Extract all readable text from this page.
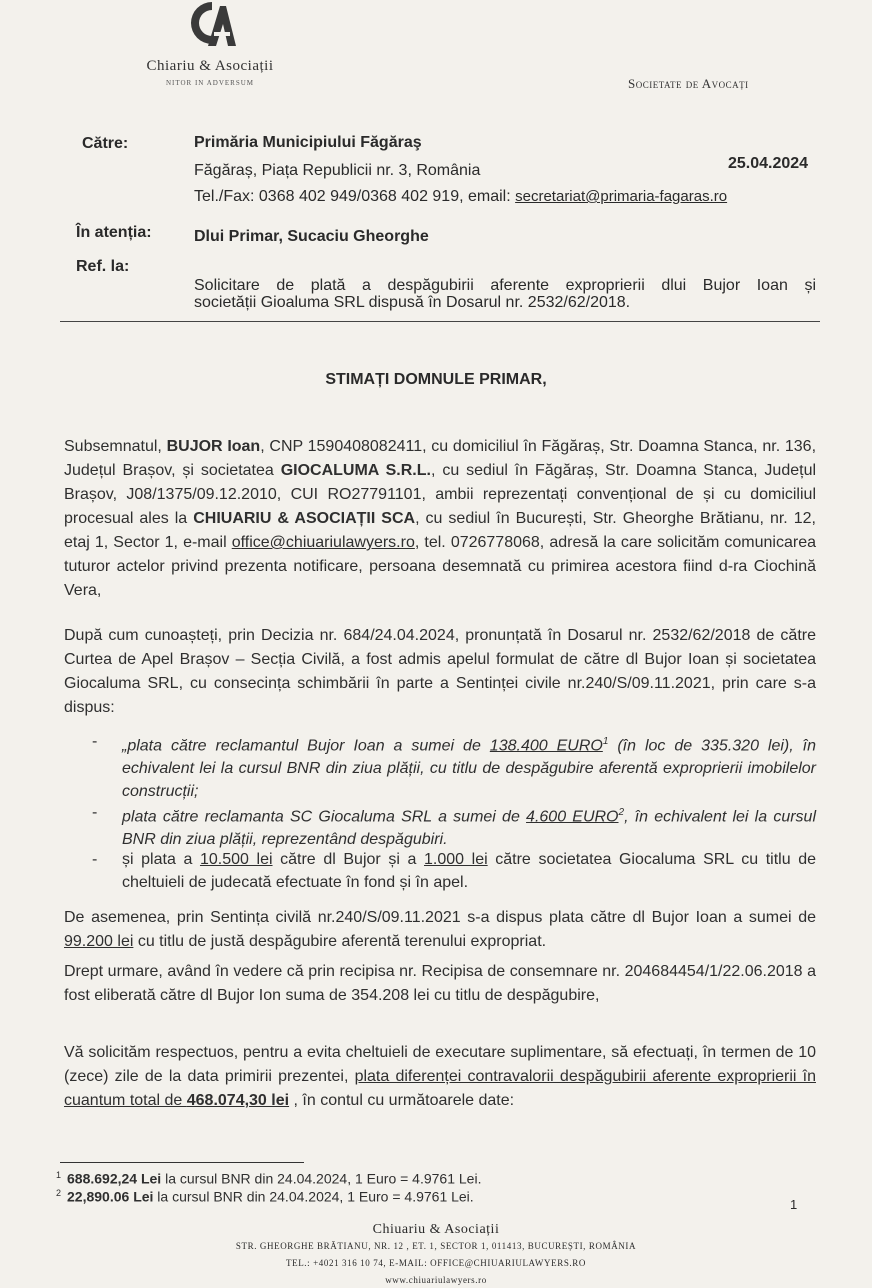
Chiariu & Asociații
NITOR IN ADVERSUM	Societate de Avocați
Către:	Primăria Municipiului Făgăraş
Făgăraș, Piața Republicii nr. 3, România
Tel./Fax: 0368 402 949/0368 402 919, email: secretariat@primaria-fagaras.ro
25.04.2024
În atenția:	Dlui Primar, Sucaciu Gheorghe
Ref. la:
Solicitare de plată a despăgubirii aferente exproprierii dlui Bujor Ioan și
societății Gioaluma SRL dispusă în Dosarul nr. 2532/62/2018.
STIMAȚI DOMNULE PRIMAR,
Subsemnatul, BUJOR Ioan, CNP 1590408082411, cu domiciliul în Făgăraș, Str. Doamna Stanca, nr. 136, Județul Brașov, și societatea GIOCALUMA S.R.L., cu sediul în Făgăraș, Str. Doamna Stanca, Județul Brașov, J08/1375/09.12.2010, CUI RO27791101, ambii reprezentați convențional de și cu domiciliul procesual ales la CHIUARIU & ASOCIAȚII SCA, cu sediul în București, Str. Gheorghe Brătianu, nr. 12, etaj 1, Sector 1, e-mail office@chiuariulawyers.ro, tel. 0726778068, adresă la care solicităm comunicarea tuturor actelor privind prezenta notificare, persoana desemnată cu primirea acestora fiind d-ra Ciochină Vera,
După cum cunoașteți, prin Decizia nr. 684/24.04.2024, pronunțată în Dosarul nr. 2532/62/2018 de către Curtea de Apel Brașov – Secția Civilă, a fost admis apelul formulat de către dl Bujor Ioan și societatea Giocaluma SRL, cu consecința schimbării în parte a Sentinței civile nr.240/S/09.11.2021, prin care s-a dispus:
- „plata către reclamantul Bujor Ioan a sumei de 138.400 EURO$^1$ (în loc de 335.320 lei), în echivalent lei la cursul BNR din ziua plății, cu titlu de despăgubire aferentă exproprierii imobilelor construcții;
- plata către reclamanta SC Giocaluma SRL a sumei de 4.600 EURO$^2$, în echivalent lei la cursul BNR din ziua plății, reprezentând despăgubiri.
- și plata a 10.500 lei către dl Bujor și a 1.000 lei către societatea Giocaluma SRL cu titlu de cheltuieli de judecată efectuate în fond și în apel.
De asemenea, prin Sentința civilă nr.240/S/09.11.2021 s-a dispus plata către dl Bujor Ioan a sumei de 99.200 lei cu titlu de justă despăgubire aferentă terenului expropriat.
Drept urmare, având în vedere că prin recipisa nr. Recipisa de consemnare nr. 204684454/1/22.06.2018 a fost eliberată către dl Bujor Ion suma de 354.208 lei cu titlu de despăgubire,
Vă solicităm respectuos, pentru a evita cheltuieli de executare suplimentare, să efectuați, în termen de 10 (zece) zile de la data primirii prezentei, plata diferenței contravalorii despăgubirii aferente exproprierii în cuantum total de 468.074,30 lei , în contul cu următoarele date:
$^1$ 688.692,24 Lei la cursul BNR din 24.04.2024, 1 Euro = 4.9761 Lei.
$^2$ 22,890.06 Lei la cursul BNR din 24.04.2024, 1 Euro = 4.9761 Lei.	1
Chiuariu & Asociații
STR. GHEORGHE BRĂTIANU, NR. 12 , ET. 1, SECTOR 1, 011413, BUCUREȘTI, ROMÂNIA
TEL.: +4021 316 10 74, E-MAIL: OFFICE@CHIUARIULAWYERS.RO
www.chiuariulawyers.ro
